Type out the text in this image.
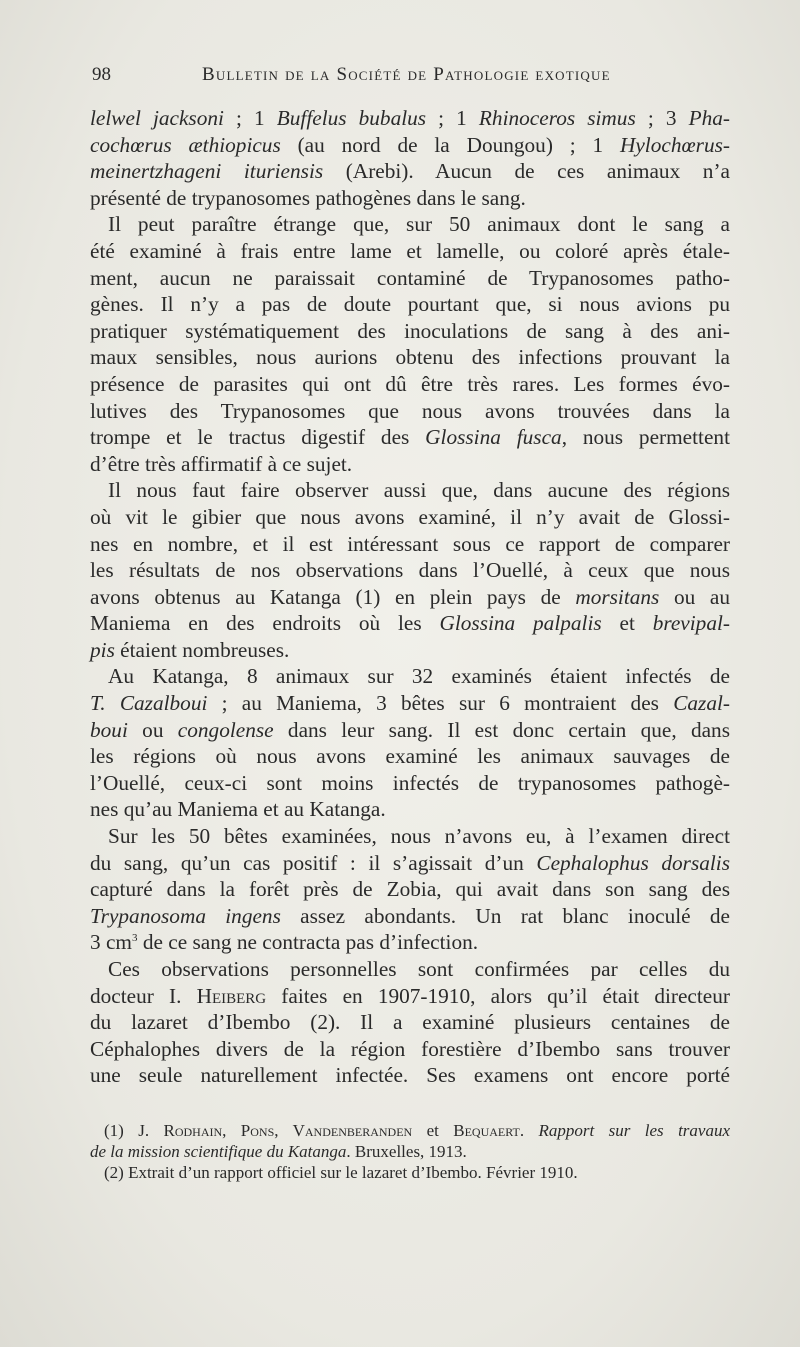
98	Bulletin de la Société de Pathologie exotique
lelwel jacksoni ; 1 Buffelus bubalus ; 1 Rhinoceros simus ; 3 Pha-
cochœrus æthiopicus (au nord de la Doungou) ; 1 Hylochœrus-
meinertzhageni ituriensis (Arebi). Aucun de ces animaux n’a
présenté de trypanosomes pathogènes dans le sang.
Il peut paraître étrange que, sur 50 animaux dont le sang a
été examiné à frais entre lame et lamelle, ou coloré après étale-
ment, aucun ne paraissait contaminé de Trypanosomes patho-
gènes. Il n’y a pas de doute pourtant que, si nous avions pu
pratiquer systématiquement des inoculations de sang à des ani-
maux sensibles, nous aurions obtenu des infections prouvant la
présence de parasites qui ont dû être très rares. Les formes évo-
lutives des Trypanosomes que nous avons trouvées dans la
trompe et le tractus digestif des Glossina fusca, nous permettent
d’être très affirmatif à ce sujet.
Il nous faut faire observer aussi que, dans aucune des régions
où vit le gibier que nous avons examiné, il n’y avait de Glossi-
nes en nombre, et il est intéressant sous ce rapport de comparer
les résultats de nos observations dans l’Ouellé, à ceux que nous
avons obtenus au Katanga (1) en plein pays de morsitans ou au
Maniema en des endroits où les Glossina palpalis et brevipal-
pis étaient nombreuses.
Au Katanga, 8 animaux sur 32 examinés étaient infectés de
T. Cazalboui ; au Maniema, 3 bêtes sur 6 montraient des Cazal-
boui ou congolense dans leur sang. Il est donc certain que, dans
les régions où nous avons examiné les animaux sauvages de
l’Ouellé, ceux-ci sont moins infectés de trypanosomes pathogè-
nes qu’au Maniema et au Katanga.
Sur les 50 bêtes examinées, nous n’avons eu, à l’examen direct
du sang, qu’un cas positif : il s’agissait d’un Cephalophus dorsalis
capturé dans la forêt près de Zobia, qui avait dans son sang des
Trypanosoma ingens assez abondants. Un rat blanc inoculé de
3 $cm^3$ de ce sang ne contracta pas d’infection.
Ces observations personnelles sont confirmées par celles du
docteur I. Heiberg faites en 1907-1910, alors qu’il était directeur
du lazaret d’Ibembo (2). Il a examiné plusieurs centaines de
Céphalophes divers de la région forestière d’Ibembo sans trouver
une seule naturellement infectée. Ses examens ont encore porté
(1) J. Rodhain, Pons, Vandenberanden et Bequaert. Rapport sur les travaux
de la mission scientifique du Katanga. Bruxelles, 1913.
(2) Extrait d’un rapport officiel sur le lazaret d’Ibembo. Février 1910.
